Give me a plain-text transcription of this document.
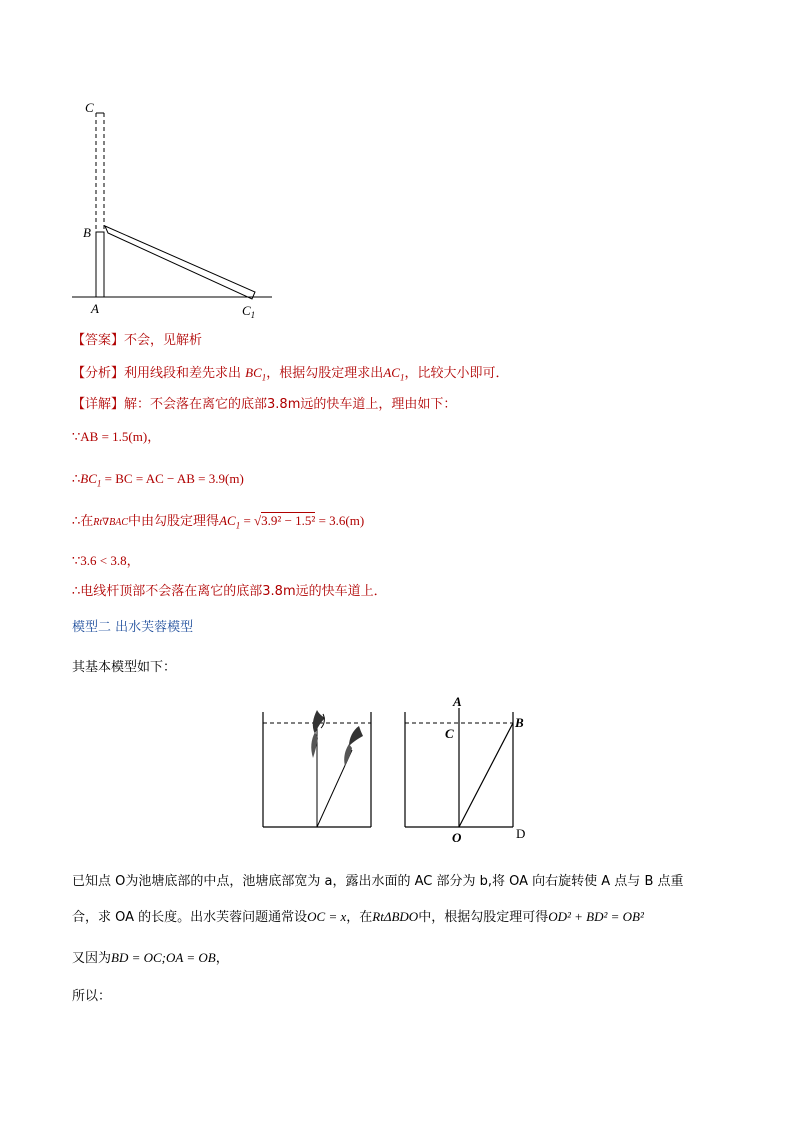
C
B
A	$C_1$
【答案】不会，见解析
【分析】利用线段和差先求出 $BC_1$，根据勾股定理求出$AC_1$，比较大小即可．
【详解】解：不会落在离它的底部3.8m远的快车道上，理由如下：
∵AB = 1.5(m)，
$\therefore BC_1$ = BC = AC − AB = 3.9(m)
∴在Rt∇BAC中由勾股定理得$AC_1 = √3.9^2 - 1.5^2 = 3.6(m)$
∵3.6 < 3.8，
∴电线杆顶部不会落在离它的底部3.8m远的快车道上．
模型二 出水芙蓉模型
其基本模型如下：
A
B
C
O	D
已知点 O为池塘底部的中点，池塘底部宽为 a，露出水面的 AC 部分为 b,将 OA 向右旋转使 A 点与 B 点重
合，求 OA 的长度。出水芙蓉问题通常设OC = x，在RtΔBDO中，根据勾股定理可得OD² + BD² = OB²
又因为BD = OC;OA = OB，
所以：
